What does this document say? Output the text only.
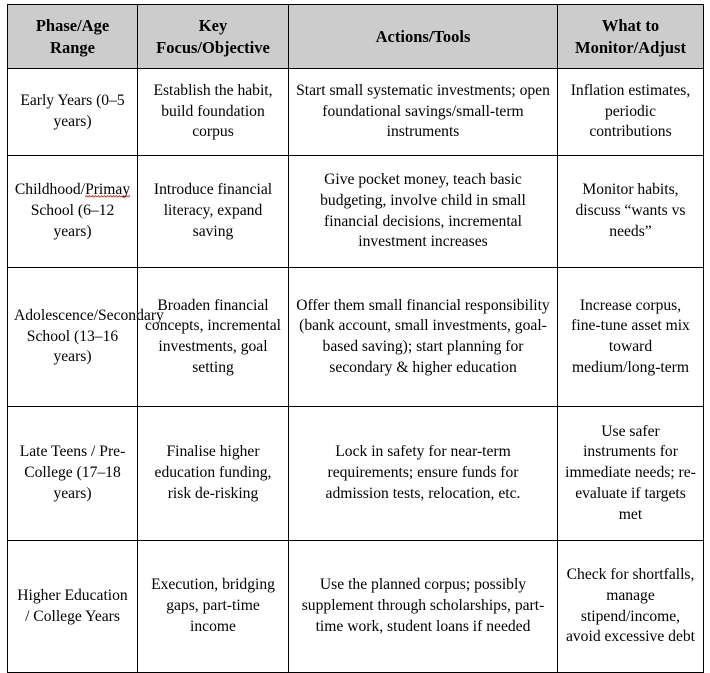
Phase/Age Range	Key Focus/Objective	Actions/Tools	What to Monitor/Adjust

Early Years (0–5 years)	Establish the habit, build foundation corpus	Start small systematic investments; open foundational savings/small-term instruments	Inflation estimates, periodic contributions

Childhood/Primay School (6–12 years)	Introduce financial literacy, expand saving	Give pocket money, teach basic budgeting, involve child in small financial decisions, incremental investment increases	Monitor habits, discuss “wants vs needs”

Adolescence/Secondary School (13–16 years)	Broaden financial concepts, incremental investments, goal setting	Offer them small financial responsibility (bank account, small investments, goal-based saving); start planning for secondary & higher education	Increase corpus, fine-tune asset mix toward medium/long-term

Late Teens / Pre-College (17–18 years)	Finalise higher education funding, risk de-risking	Lock in safety for near-term requirements; ensure funds for admission tests, relocation, etc.	Use safer instruments for immediate needs; re-evaluate if targets met

Higher Education / College Years	Execution, bridging gaps, part-time income	Use the planned corpus; possibly supplement through scholarships, part-time work, student loans if needed	Check for shortfalls, manage stipend/income, avoid excessive debt
